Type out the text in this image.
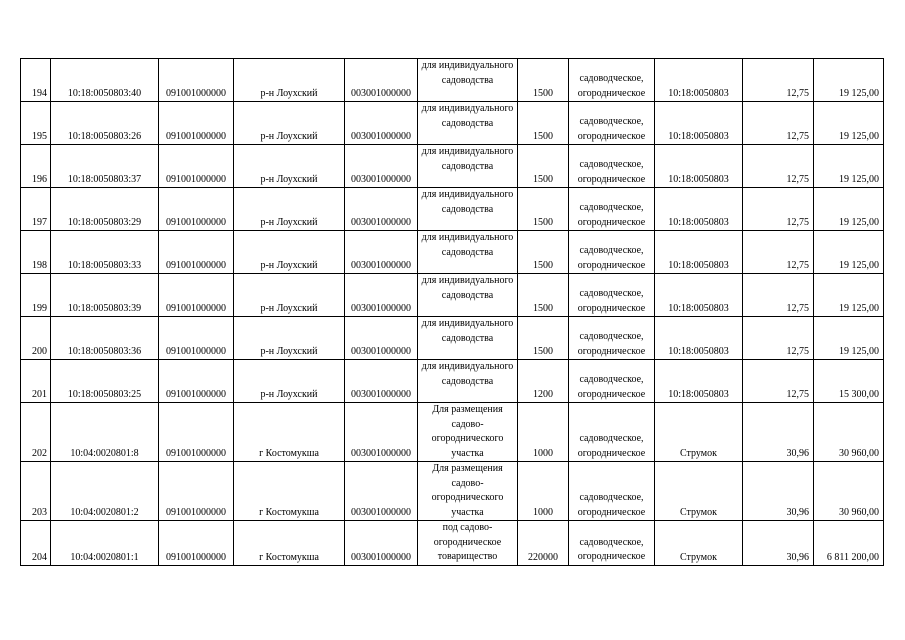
194	10:18:0050803:40	091001000000	р-н Лоухский	003001000000	для индивидуального садоводства	1500	садоводческое, огородническое	10:18:0050803	12,75	19 125,00
195	10:18:0050803:26	091001000000	р-н Лоухский	003001000000	для индивидуального садоводства	1500	садоводческое, огородническое	10:18:0050803	12,75	19 125,00
196	10:18:0050803:37	091001000000	р-н Лоухский	003001000000	для индивидуального садоводства	1500	садоводческое, огородническое	10:18:0050803	12,75	19 125,00
197	10:18:0050803:29	091001000000	р-н Лоухский	003001000000	для индивидуального садоводства	1500	садоводческое, огородническое	10:18:0050803	12,75	19 125,00
198	10:18:0050803:33	091001000000	р-н Лоухский	003001000000	для индивидуального садоводства	1500	садоводческое, огородническое	10:18:0050803	12,75	19 125,00
199	10:18:0050803:39	091001000000	р-н Лоухский	003001000000	для индивидуального садоводства	1500	садоводческое, огородническое	10:18:0050803	12,75	19 125,00
200	10:18:0050803:36	091001000000	р-н Лоухский	003001000000	для индивидуального садоводства	1500	садоводческое, огородническое	10:18:0050803	12,75	19 125,00
201	10:18:0050803:25	091001000000	р-н Лоухский	003001000000	для индивидуального садоводства	1200	садоводческое, огородническое	10:18:0050803	12,75	15 300,00
202	10:04:0020801:8	091001000000	г Костомукша	003001000000	Для размещения садово-огороднического участка	1000	садоводческое, огородническое	Струмок	30,96	30 960,00
203	10:04:0020801:2	091001000000	г Костомукша	003001000000	Для размещения садово-огороднического участка	1000	садоводческое, огородническое	Струмок	30,96	30 960,00
204	10:04:0020801:1	091001000000	г Костомукша	003001000000	под садово-огородническое товарищество	220000	садоводческое, огородническое	Струмок	30,96	6 811 200,00
